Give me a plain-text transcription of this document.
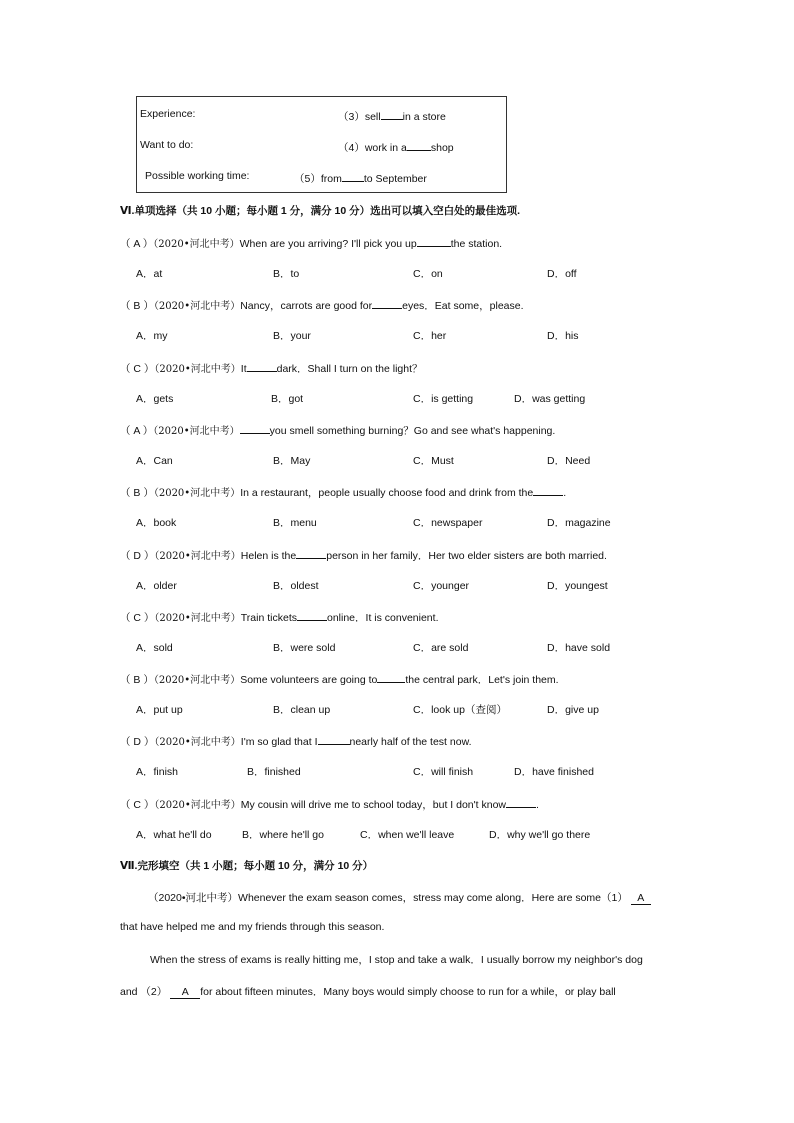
Experience:	（3）sell in a store
Want to do:	（4）work in a shop
Possible working time:	（5）from to September
Ⅵ.单项选择（共 10 小题；每小题 1 分，满分 10 分）选出可以填入空白处的最佳选项.
（ A ）（2020•河北中考）When are you arriving? I'll pick you up	the station.
A．at	B．to	C．on	D．off
（ B ）（2020•河北中考）Nancy，carrots are good for	eyes．Eat some，please.
A．my	B．your	C．her	D．his
（ C ）（2020•河北中考）It	dark．Shall I turn on the light？
A．gets	B．got	C．is getting	D．was getting
（ A ）（2020•河北中考）	you smell something burning？Go and see what's happening.
A．Can	B．May	C．Must	D．Need
（ B ）（2020•河北中考）In a restaurant，people usually choose food and drink from the	.
A．book	B．menu	C．newspaper	D．magazine
（ D ）（2020•河北中考）Helen is the	person in her family．Her two elder sisters are both married.
A．older	B．oldest	C．younger	D．youngest
（ C ）（2020•河北中考）Train tickets	online．It is convenient.
A．sold	B．were sold	C．are sold	D．have sold
（ B ）（2020•河北中考）Some volunteers are going to	the central park．Let's join them.
A．put up	B．clean up	C．look up（查阅）	D．give up
（ D ）（2020•河北中考）I'm so glad that I	nearly half of the test now.
A．finish	B．finished	C．will finish	D．have finished
（ C ）（2020•河北中考）My cousin will drive me to school today，but I don't know	.
A．what he'll do	B．where he'll go	C．when we'll leave	D．why we'll go there
Ⅶ.完形填空（共 1 小题；每小题 10 分，满分 10 分）
（2020•河北中考）Whenever the exam season comes，stress may come along．Here are some（1） A
that have helped me and my friends through this season.
When the stress of exams is really hitting me，I stop and take a walk．I usually borrow my neighbor's dog
and （2） A for about fifteen minutes．Many boys would simply choose to run for a while，or play ball
